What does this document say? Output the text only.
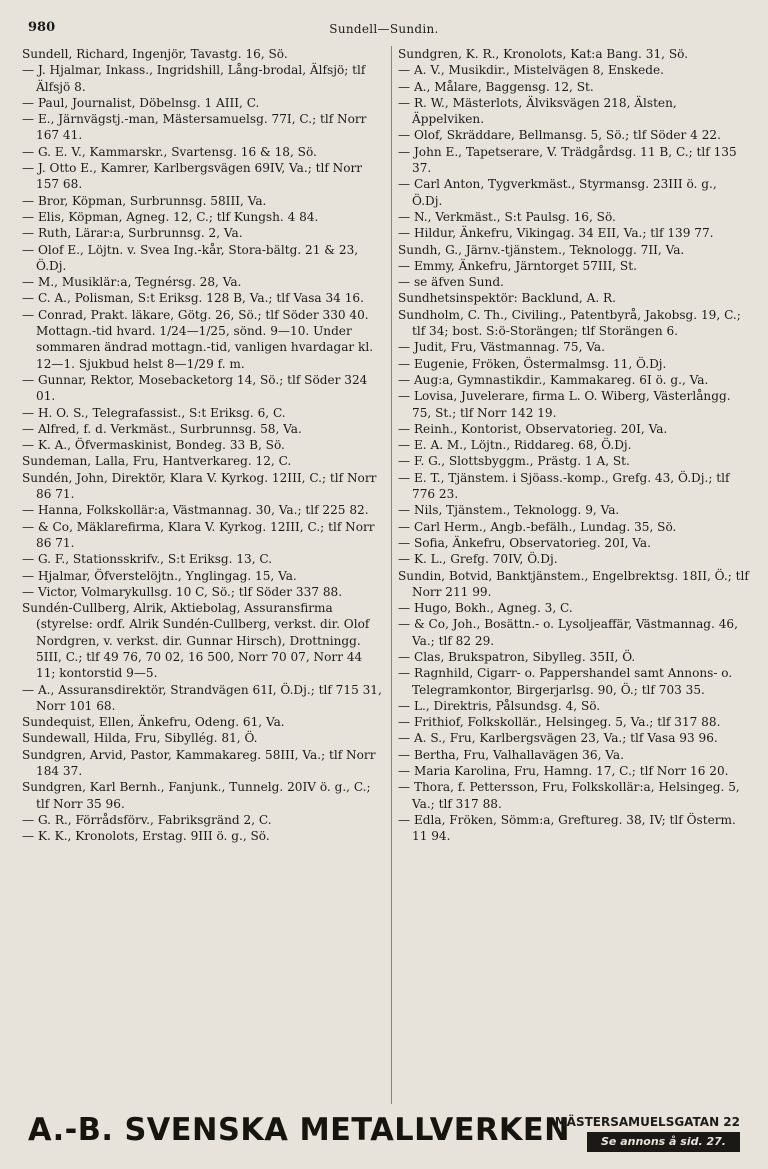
980	Sundell—Sundin.
Sundell, Richard, Ingenjör, Tavastg. 16, Sö.
— J. Hjalmar, Inkass., Ingridshill, Lång-brodal, Älfsjö; tlf Älfsjö 8.
— Paul, Journalist, Döbelnsg. 1 AIII, C.
— E., Järnvägstj.-man, Mästersamuelsg. 77I, C.; tlf Norr 167 41.
— G. E. V., Kammarskr., Svartensg. 16 & 18, Sö.
— J. Otto E., Kamrer, Karlbergsvägen 69IV, Va.; tlf Norr 157 68.
— Bror, Köpman, Surbrunnsg. 58III, Va.
— Elis, Köpman, Agneg. 12, C.; tlf Kungsh. 4 84.
— Ruth, Lärar:a, Surbrunnsg. 2, Va.
— Olof E., Löjtn. v. Svea Ing.-kår, Stora-bältg. 21 & 23, Ö.Dj.
— M., Musiklär:a, Tegnérsg. 28, Va.
— C. A., Polisman, S:t Eriksg. 128 B, Va.; tlf Vasa 34 16.
— Conrad, Prakt. läkare, Götg. 26, Sö.; tlf Söder 330 40. Mottagn.-tid hvard. 1/24—1/25, sönd. 9—10. Under sommaren ändrad mottagn.-tid, vanligen hvardagar kl. 12—1. Sjukbud helst 8—1/29 f. m.
— Gunnar, Rektor, Mosebacketorg 14, Sö.; tlf Söder 324 01.
— H. O. S., Telegrafassist., S:t Eriksg. 6, C.
— Alfred, f. d. Verkmäst., Surbrunnsg. 58, Va.
— K. A., Öfvermaskinist, Bondeg. 33 B, Sö.
Sundeman, Lalla, Fru, Hantverkareg. 12, C.
Sundén, John, Direktör, Klara V. Kyrkog. 12III, C.; tlf Norr 86 71.
— Hanna, Folkskollär:a, Västmannag. 30, Va.; tlf 225 82.
— & Co, Mäklarefirma, Klara V. Kyrkog. 12III, C.; tlf Norr 86 71.
— G. F., Stationsskrifv., S:t Eriksg. 13, C.
— Hjalmar, Öfverstelöjtn., Ynglingag. 15, Va.
— Victor, Volmarykullsg. 10 C, Sö.; tlf Söder 337 88.
Sundén-Cullberg, Alrik, Aktiebolag, Assuransfirma (styrelse: ordf. Alrik Sundén-Cullberg, verkst. dir. Olof Nordgren, v. verkst. dir. Gunnar Hirsch), Drottningg. 5III, C.; tlf 49 76, 70 02, 16 500, Norr 70 07, Norr 44 11; kontorstid 9—5.
— A., Assuransdirektör, Strandvägen 61I, Ö.Dj.; tlf 715 31, Norr 101 68.
Sundequist, Ellen, Änkefru, Odeng. 61, Va.
Sundewall, Hilda, Fru, Sibyllég. 81, Ö.
Sundgren, Arvid, Pastor, Kammakareg. 58III, Va.; tlf Norr 184 37.
Sundgren, Karl Bernh., Fanjunk., Tunnelg. 20IV ö. g., C.; tlf Norr 35 96.
— G. R., Förrådsförv., Fabriksgränd 2, C.
— K. K., Kronolots, Erstag. 9III ö. g., Sö.
Sundgren, K. R., Kronolots, Kat:a Bang. 31, Sö.
— A. V., Musikdir., Mistelvägen 8, Enskede.
— A., Målare, Baggensg. 12, St.
— R. W., Mästerlots, Älviksvägen 218, Älsten, Äppelviken.
— Olof, Skräddare, Bellmansg. 5, Sö.; tlf Söder 4 22.
— John E., Tapetserare, V. Trädgårdsg. 11 B, C.; tlf 135 37.
— Carl Anton, Tygverkmäst., Styrmansg. 23III ö. g., Ö.Dj.
— N., Verkmäst., S:t Paulsg. 16, Sö.
— Hildur, Änkefru, Vikingag. 34 EII, Va.; tlf 139 77.
Sundh, G., Järnv.-tjänstem., Teknologg. 7II, Va.
— Emmy, Änkefru, Järntorget 57III, St.
— se äfven Sund.
Sundhetsinspektör: Backlund, A. R.
Sundholm, C. Th., Civiling., Patentbyrå, Jakobsg. 19, C.; tlf 34; bost. S:ö-Storängen; tlf Storängen 6.
— Judit, Fru, Västmannag. 75, Va.
— Eugenie, Fröken, Östermalmsg. 11, Ö.Dj.
— Aug:a, Gymnastikdir., Kammakareg. 6I ö. g., Va.
— Lovisa, Juvelerare, firma L. O. Wiberg, Västerlångg. 75, St.; tlf Norr 142 19.
— Reinh., Kontorist, Observatorieg. 20I, Va.
— E. A. M., Löjtn., Riddareg. 68, Ö.Dj.
— F. G., Slottsbyggm., Prästg. 1 A, St.
— E. T., Tjänstem. i Sjöass.-komp., Grefg. 43, Ö.Dj.; tlf 776 23.
— Nils, Tjänstem., Teknologg. 9, Va.
— Carl Herm., Angb.-befälh., Lundag. 35, Sö.
— Sofia, Änkefru, Observatorieg. 20I, Va.
— K. L., Grefg. 70IV, Ö.Dj.
Sundin, Botvid, Banktjänstem., Engelbrektsg. 18II, Ö.; tlf Norr 211 99.
— Hugo, Bokh., Agneg. 3, C.
— & Co, Joh., Bosättn.- o. Lysoljeaffär, Västmannag. 46, Va.; tlf 82 29.
— Clas, Brukspatron, Sibylleg. 35II, Ö.
— Ragnhild, Cigarr- o. Pappershandel samt Annons- o. Telegramkontor, Birgerjarlsg. 90, Ö.; tlf 703 35.
— L., Direktris, Pålsundsg. 4, Sö.
— Frithiof, Folkskollär., Helsingeg. 5, Va.; tlf 317 88.
— A. S., Fru, Karlbergsvägen 23, Va.; tlf Vasa 93 96.
— Bertha, Fru, Valhallavägen 36, Va.
— Maria Karolina, Fru, Hamng. 17, C.; tlf Norr 16 20.
— Thora, f. Pettersson, Fru, Folkskollär:a, Helsingeg. 5, Va.; tlf 317 88.
— Edla, Fröken, Sömm:a, Greftureg. 38, IV; tlf Österm. 11 94.
A.-B. SVENSKA METALLVERKEN
MÄSTERSAMUELSGATAN 22
Se annons å sid. 27.
